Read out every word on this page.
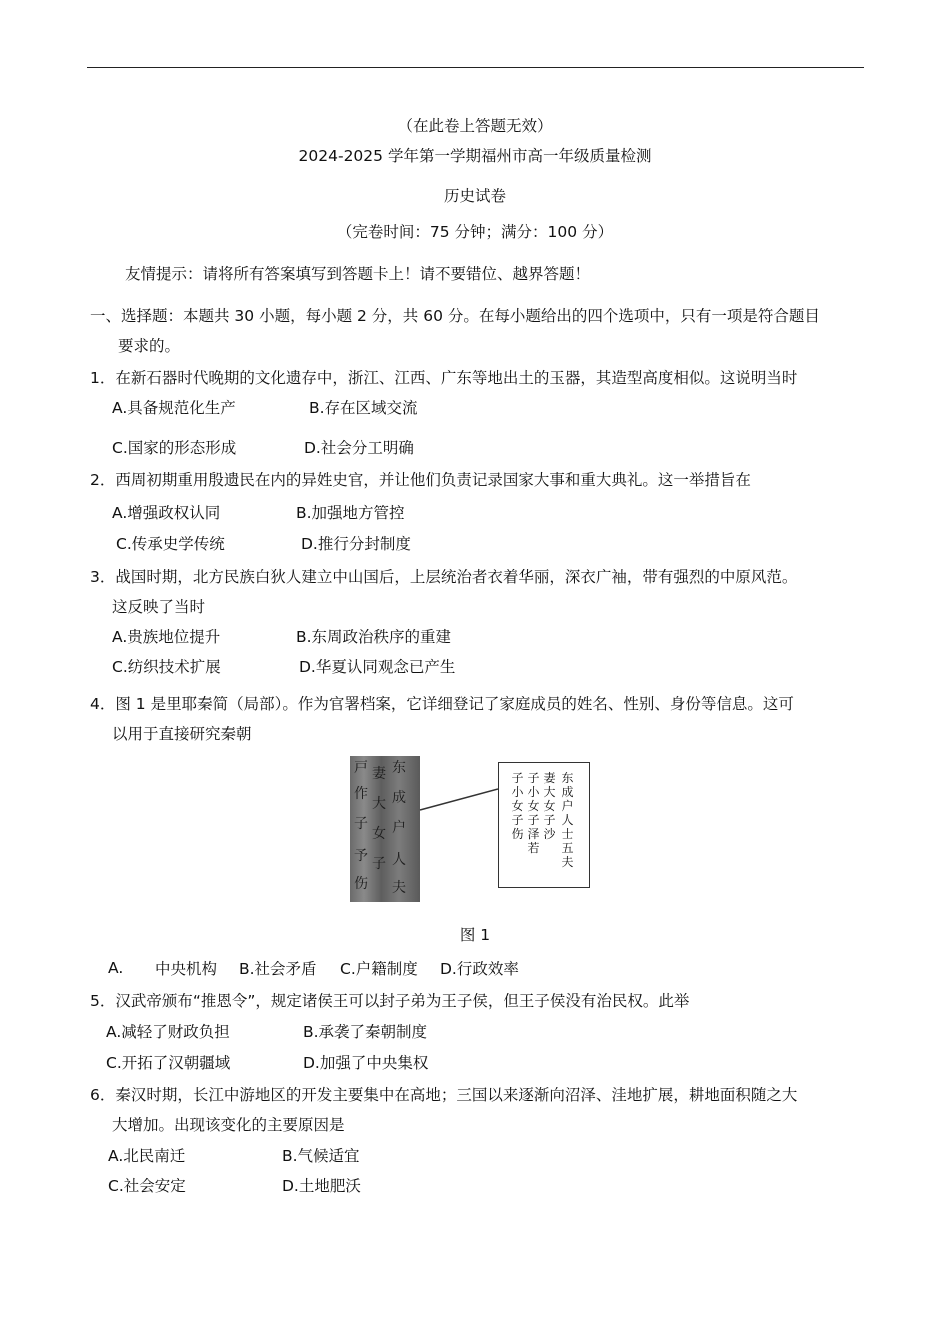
（在此卷上答题无效）
2024-2025 学年第一学期福州市高一年级质量检测
历史试卷
（完卷时间：75 分钟；满分：100 分）
友情提示：请将所有答案填写到答题卡上！请不要错位、越界答题！
一、选择题：本题共 30 小题，每小题 2 分，共 60 分。在每小题给出的四个选项中，只有一项是符合题目
要求的。
1．在新石器时代晚期的文化遗存中，浙江、江西、广东等地出土的玉器，其造型高度相似。这说明当时
A.具备规范化生产	B.存在区域交流
C.国家的形态形成	D.社会分工明确
2．西周初期重用殷遗民在内的异姓史官，并让他们负责记录国家大事和重大典礼。这一举措旨在
A.增强政权认同	B.加强地方管控
C.传承史学传统	D.推行分封制度
3．战国时期，北方民族白狄人建立中山国后，上层统治者衣着华丽，深衣广袖，带有强烈的中原风范。
这反映了当时
A.贵族地位提升	B.东周政治秩序的重建
C.纺织技术扩展	D.华夏认同观念已产生
4．图 1 是里耶秦简（局部）。作为官署档案，它详细登记了家庭成员的姓名、性别、身份等信息。这可
以用于直接研究秦朝
戸
作
子
予
伤
妻
大
女
子
东
成
户
人
夫
东成户人士五夫
妻大女子沙
子小女子泽若
子小女子伤
图 1
A. 中央机构 B.社会矛盾 C.户籍制度 D.行政效率
5．汉武帝颁布“推恩令”，规定诸侯王可以封子弟为王子侯，但王子侯没有治民权。此举
A.减轻了财政负担	B.承袭了秦朝制度
C.开拓了汉朝疆域	D.加强了中央集权
6．秦汉时期，长江中游地区的开发主要集中在高地；三国以来逐渐向沼泽、洼地扩展，耕地面积随之大
大增加。出现该变化的主要原因是
A.北民南迁	B.气候适宜
C.社会安定	D.土地肥沃
